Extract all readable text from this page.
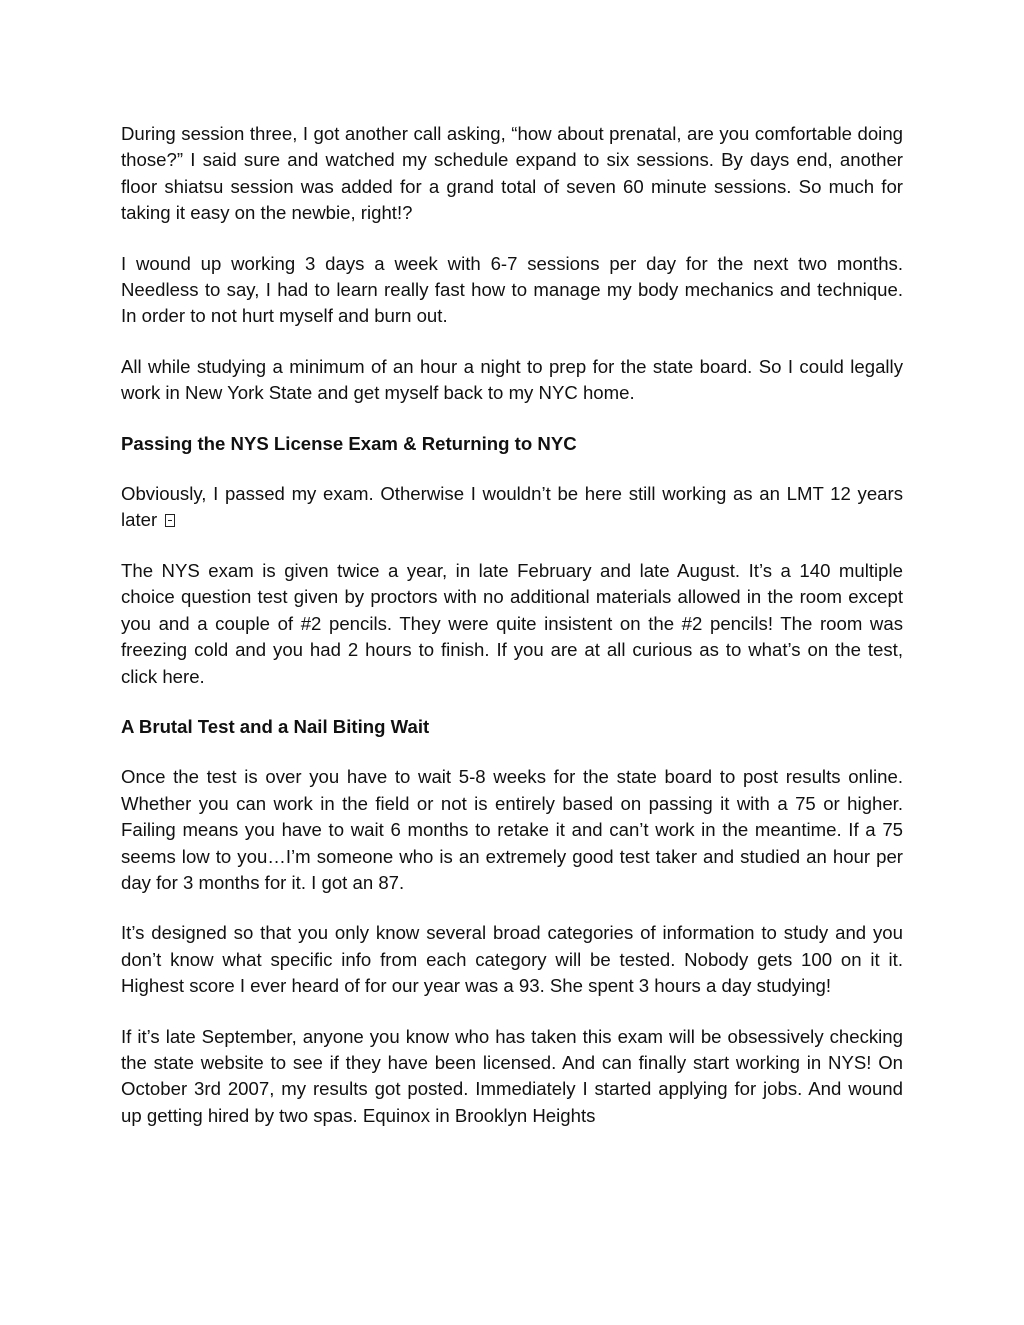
During session three, I got another call asking, “how about prenatal, are you comfortable doing those?” I said sure and watched my schedule expand to six sessions. By days end, another floor shiatsu session was added for a grand total of seven 60 minute sessions. So much for taking it easy on the newbie, right!?

I wound up working 3 days a week with 6-7 sessions per day for the next two months. Needless to say, I had to learn really fast how to manage my body mechanics and technique. In order to not hurt myself and burn out.

All while studying a minimum of an hour a night to prep for the state board. So I could legally work in New York State and get myself back to my NYC home.

Passing the NYS License Exam & Returning to NYC

Obviously, I passed my exam. Otherwise I wouldn’t be here still working as an LMT 12 years later

The NYS exam is given twice a year, in late February and late August. It’s a 140 multiple choice question test given by proctors with no additional materials allowed in the room except you and a couple of #2 pencils. They were quite insistent on the #2 pencils! The room was freezing cold and you had 2 hours to finish. If you are at all curious as to what’s on the test, click here.

A Brutal Test and a Nail Biting Wait

Once the test is over you have to wait 5-8 weeks for the state board to post results online. Whether you can work in the field or not is entirely based on passing it with a 75 or higher. Failing means you have to wait 6 months to retake it and can’t work in the meantime. If a 75 seems low to you…I’m someone who is an extremely good test taker and studied an hour per day for 3 months for it. I got an 87.

It’s designed so that you only know several broad categories of information to study and you don’t know what specific info from each category will be tested. Nobody gets 100 on it it. Highest score I ever heard of for our year was a 93. She spent 3 hours a day studying!

If it’s late September, anyone you know who has taken this exam will be obsessively checking the state website to see if they have been licensed. And can finally start working in NYS! On October 3rd 2007, my results got posted. Immediately I started applying for jobs. And wound up getting hired by two spas. Equinox in Brooklyn Heights
